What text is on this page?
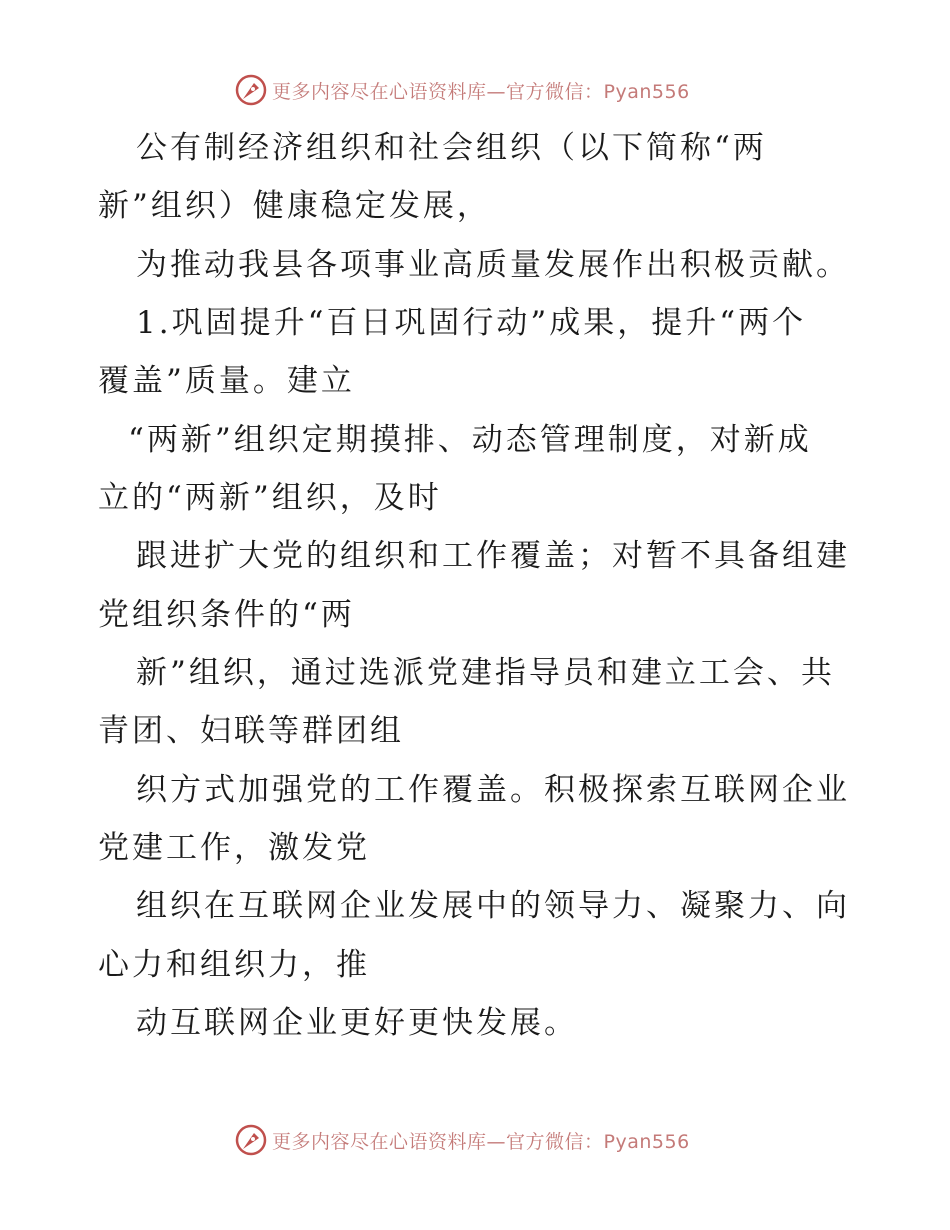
更多内容尽在心语资料库—官方微信：Pyan556
公有制经济组织和社会组织（以下简称“两
新”组织）健康稳定发展，
为推动我县各项事业高质量发展作出积极贡献。
1.巩固提升“百日巩固行动”成果，提升“两个
覆盖”质量。建立
“两新”组织定期摸排、动态管理制度，对新成
立的“两新”组织，及时
跟进扩大党的组织和工作覆盖；对暂不具备组建
党组织条件的“两
新”组织，通过选派党建指导员和建立工会、共
青团、妇联等群团组
织方式加强党的工作覆盖。积极探索互联网企业
党建工作，激发党
组织在互联网企业发展中的领导力、凝聚力、向
心力和组织力，推
动互联网企业更好更快发展。
更多内容尽在心语资料库—官方微信：Pyan556
